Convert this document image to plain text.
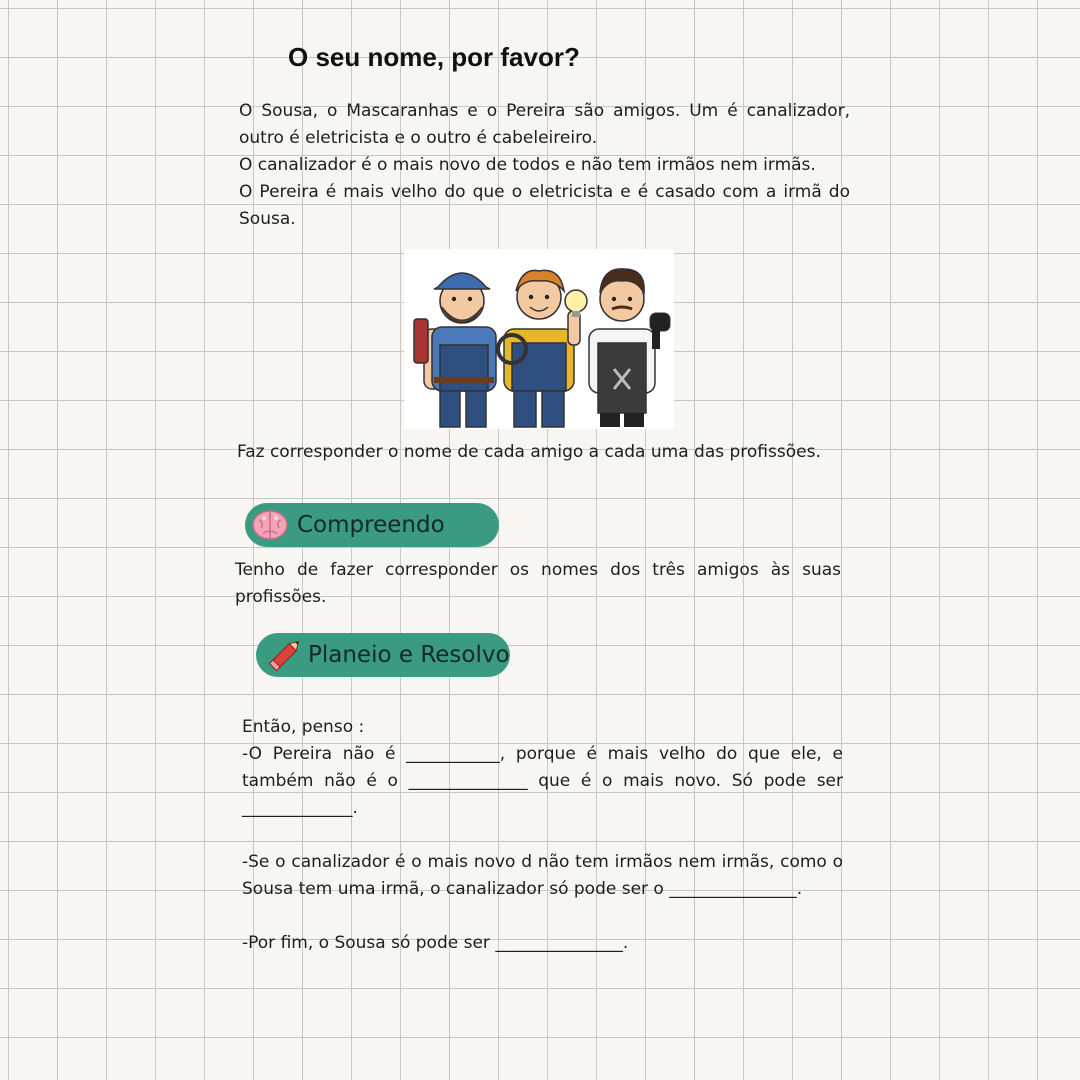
O seu nome, por favor?

O Sousa, o Mascaranhas e o Pereira são amigos. Um é canalizador, outro é eletricista e o outro é cabeleireiro.

O canalizador é o mais novo de todos e não tem irmãos nem irmãs.

O Pereira é mais velho do que o eletricista e é casado com a irmã do Sousa.

Faz corresponder o nome de cada amigo a cada uma das profissões.

Compreendo

Tenho de fazer corresponder os nomes dos três amigos às suas profissões.

Planeio e Resolvo

Então, penso :

-O Pereira não é ___________, porque é mais velho do que ele, e também não é o ______________ que é o mais novo. Só pode ser _____________.

-Se o canalizador é o mais novo d não tem irmãos nem irmãs, como o Sousa tem uma irmã, o canalizador só pode ser o _______________.

-Por fim, o Sousa só pode ser _______________.
